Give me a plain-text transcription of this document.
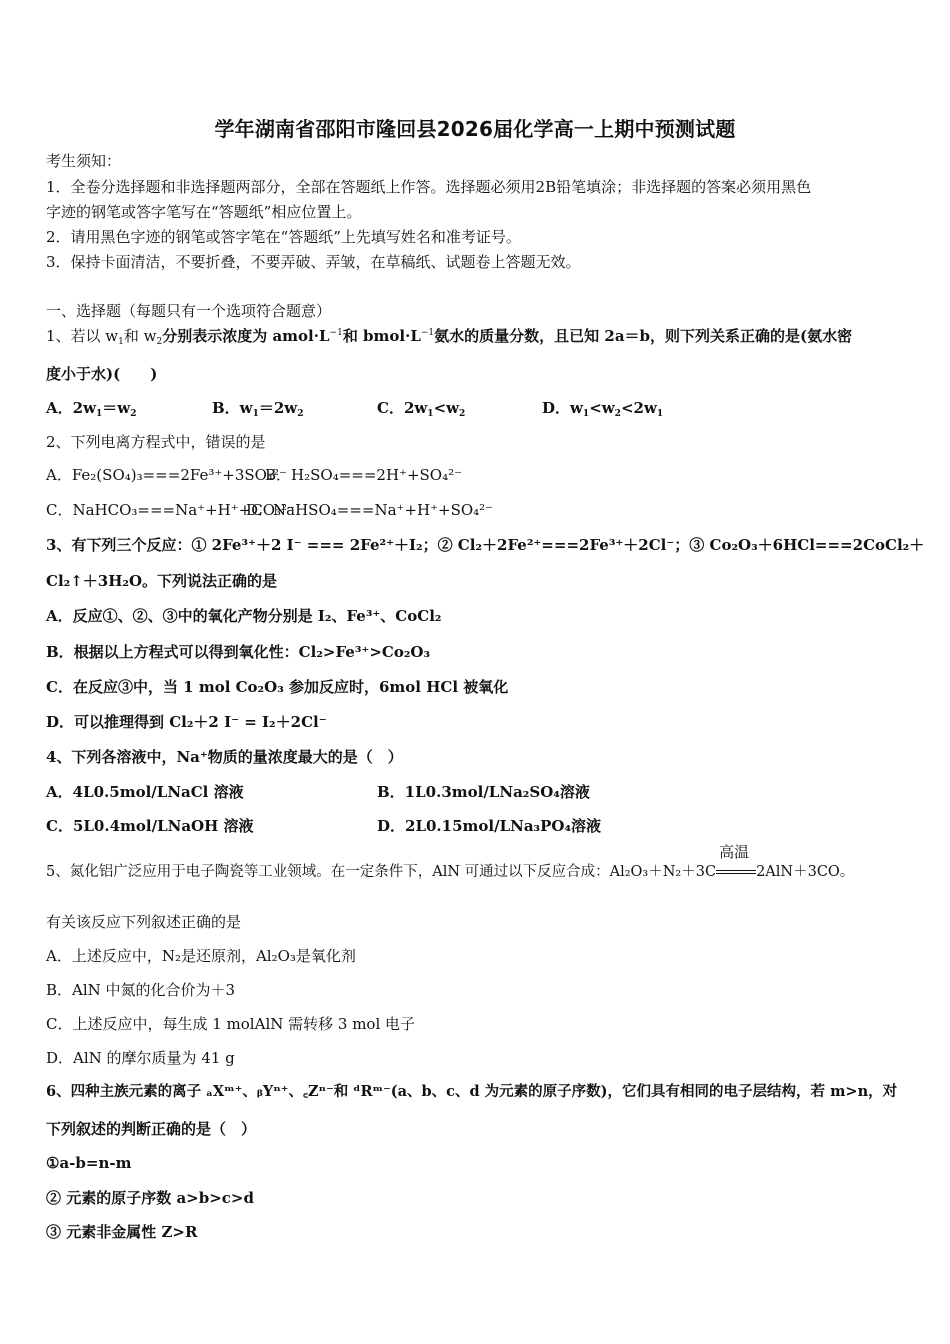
学年湖南省邵阳市隆回县2026届化学高一上期中预测试题
考生须知：
1．全卷分选择题和非选择题两部分，全部在答题纸上作答。选择题必须用2B铅笔填涂；非选择题的答案必须用黑色
字迹的钢笔或答字笔写在“答题纸”相应位置上。
2．请用黑色字迹的钢笔或答字笔在“答题纸”上先填写姓名和准考证号。
3．保持卡面清洁，不要折叠，不要弄破、弄皱，在草稿纸、试题卷上答题无效。
一、选择题（每题只有一个选项符合题意）
1、若以 $w_1$和 $w_2$分别表示浓度为 $amol\cdot L^{-1}$和 $bmol\cdot L^{-1}$氨水的质量分数，且已知 2a＝b，则下列关系正确的是(氨水密
度小于水)(　　)
A．$2w_1=w_2$	B．$w_1=2w_2$	C．$2w_1<w_2$	D．$w_1<w_2<2w_1$
2、下列电离方程式中，错误的是
A．Fe₂(SO₄)₃===2Fe³⁺+3SO₄²⁻
B．H₂SO₄===2H⁺+SO₄²⁻
C．NaHCO₃===Na⁺+H⁺+CO₃²⁻
D．NaHSO₄===Na⁺+H⁺+SO₄²⁻
3、有下列三个反应：① 2Fe³⁺＋2 I⁻ === 2Fe²⁺＋I₂；② Cl₂＋2Fe²⁺===2Fe³⁺＋2Cl⁻；③ Co₂O₃＋6HCl===2CoCl₂＋
Cl₂↑＋3H₂O。下列说法正确的是
A．反应①、②、③中的氧化产物分别是 I₂、Fe³⁺、CoCl₂
B．根据以上方程式可以得到氧化性：Cl₂>Fe³⁺>Co₂O₃
C．在反应③中，当 1 mol Co₂O₃ 参加反应时，6mol HCl 被氧化
D．可以推理得到 Cl₂＋2 I⁻ = I₂＋2Cl⁻
4、下列各溶液中，Na⁺物质的量浓度最大的是（　）
A．4L0.5mol/LNaCl 溶液	B．1L0.3mol/LNa₂SO₄溶液
C．5L0.4mol/LNaOH 溶液	D．2L0.15mol/LNa₃PO₄溶液
5、氮化铝广泛应用于电子陶瓷等工业领域。在一定条件下，AlN 可通过以下反应合成：Al₂O₃＋N₂＋3C
高温
2AlN＋3CO。
有关该反应下列叙述正确的是
A．上述反应中，N₂是还原剂，Al₂O₃是氧化剂
B．AlN 中氮的化合价为＋3
C．上述反应中，每生成 1 molAlN 需转移 3 mol 电子
D．AlN 的摩尔质量为 41 g
6、四种主族元素的离子 ₐXᵐ⁺、ᵦYⁿ⁺、꜀Zⁿ⁻和 ᵈRᵐ⁻(a、b、c、d 为元素的原子序数)，它们具有相同的电子层结构，若 m>n，对
下列叙述的判断正确的是（　）
①a-b=n-m
② 元素的原子序数 a>b>c>d
③ 元素非金属性 Z>R
